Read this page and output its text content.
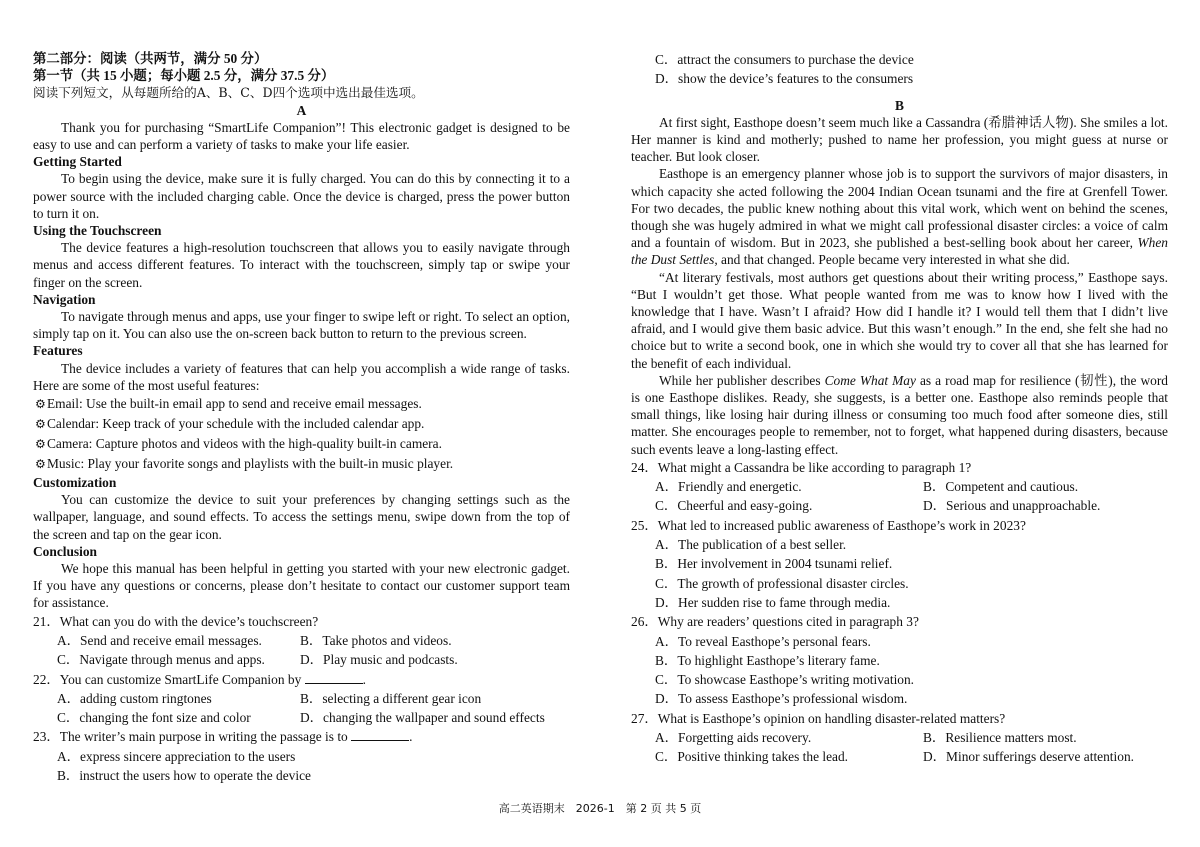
第二部分：阅读（共两节，满分 50 分）

第一节（共 15 小题；每小题 2.5 分，满分 37.5 分）

阅读下列短文，从每题所给的A、B、C、D四个选项中选出最佳选项。

A

Thank you for purchasing “SmartLife Companion”! This electronic gadget is designed to be easy to use and can perform a variety of tasks to make your life easier.

Getting Started

To begin using the device, make sure it is fully charged. You can do this by connecting it to a power source with the included charging cable. Once the device is charged, press the power button to turn it on.

Using the Touchscreen

The device features a high-resolution touchscreen that allows you to easily navigate through menus and access different features. To interact with the touchscreen, simply tap or swipe your finger on the screen.

Navigation

To navigate through menus and apps, use your finger to swipe left or right. To select an option, simply tap on it. You can also use the on-screen back button to return to the previous screen.

Features

The device includes a variety of features that can help you accomplish a wide range of tasks. Here are some of the most useful features:

⚙Email: Use the built-in email app to send and receive email messages.

⚙Calendar: Keep track of your schedule with the included calendar app.

⚙Camera: Capture photos and videos with the high-quality built-in camera.

⚙Music: Play your favorite songs and playlists with the built-in music player.

Customization

You can customize the device to suit your preferences by changing settings such as the wallpaper, language, and sound effects. To access the settings menu, swipe down from the top of the screen and tap on the gear icon.

Conclusion

We hope this manual has been helpful in getting you started with your new electronic gadget. If you have any questions or concerns, please don’t hesitate to contact our customer support team for assistance.

21．What can you do with the device’s touchscreen?

A．Send and receive email messages.	B．Take photos and videos.
C．Navigate through menus and apps.	D．Play music and podcasts.

22．You can customize SmartLife Companion by	.

A．adding custom ringtones	B．selecting a different gear icon
C．changing the font size and color	D．changing the wallpaper and sound effects

23．The writer’s main purpose in writing the passage is to	.

A．express sincere appreciation to the users

B．instruct the users how to operate the device

C．attract the consumers to purchase the device

D．show the device’s features to the consumers

B

At first sight, Easthope doesn’t seem much like a Cassandra (希腊神话人物). She smiles a lot. Her manner is kind and motherly; pushed to name her profession, you might guess at nurse or teacher. But look closer.

Easthope is an emergency planner whose job is to support the survivors of major disasters, in which capacity she acted following the 2004 Indian Ocean tsunami and the fire at Grenfell Tower. For two decades, the public knew nothing about this vital work, which went on behind the scenes, though she was hugely admired in what we might call professional disaster circles: a voice of calm and a fountain of wisdom. But in 2023, she published a best-selling book about her career, When the Dust Settles, and that changed. People became very interested in what she did.

“At literary festivals, most authors get questions about their writing process,” Easthope says. “But I wouldn’t get those. What people wanted from me was to know how I lived with the knowledge that I have. Wasn’t I afraid? How did I handle it? I would tell them that I didn’t live afraid, and I would give them basic advice. But this wasn’t enough.” In the end, she felt she had no choice but to write a second book, one in which she would try to cover all that she has learned for the benefit of each individual.

While her publisher describes Come What May as a road map for resilience (韧性), the word is one Easthope dislikes. Ready, she suggests, is a better one. Easthope also reminds people that small things, like losing hair during illness or consuming too much food after someone dies, still matter. She encourages people to remember, not to forget, what happened during disasters, because such events leave a long-lasting effect.

24．What might a Cassandra be like according to paragraph 1?

A．Friendly and energetic.	B．Competent and cautious.
C．Cheerful and easy-going.	D．Serious and unapproachable.

25．What led to increased public awareness of Easthope’s work in 2023?

A．The publication of a best seller.

B．Her involvement in 2004 tsunami relief.

C．The growth of professional disaster circles.

D．Her sudden rise to fame through media.

26．Why are readers’ questions cited in paragraph 3?

A．To reveal Easthope’s personal fears.

B．To highlight Easthope’s literary fame.

C．To showcase Easthope’s writing motivation.

D．To assess Easthope’s professional wisdom.

27．What is Easthope’s opinion on handling disaster-related matters?

A．Forgetting aids recovery.	B．Resilience matters most.
C．Positive thinking takes the lead.	D．Minor sufferings deserve attention.
高二英语期末　2026-1　第 2 页 共 5 页
